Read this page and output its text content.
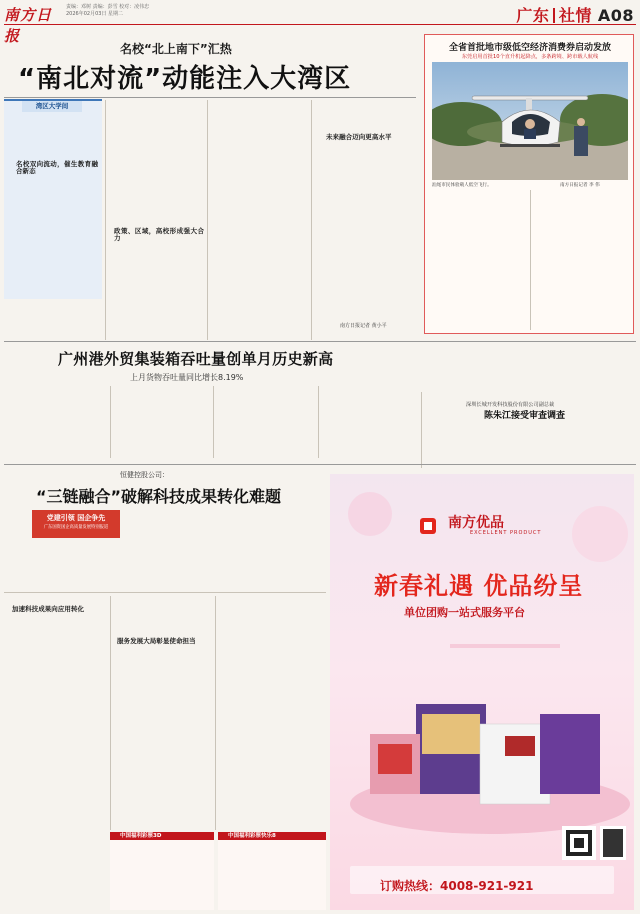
南方日报
责编：邓树 责编：彭雪 校对：凌伟忠
2026年02月03日 星期二	广东 社情 A08
名校“北上南下”汇热
“南北对流”动能注入大湾区
湾区大学间
名校双向流动，催生教育融合新态
政策、区域，高校形成强大合力
未来融合迈向更高水平
南方日报记者 黄小平
全省首批地市级低空经济消费券启动发放
东莞启用首批10个直升机起降点，多条跨境、跨市载人航线
汕尾市民体验载人低空飞行。	南方日报记者 李 伟
广州港外贸集装箱吞吐量创单月历史新高
上月货物吞吐量同比增长8.19%
深圳长城开发科技股份有限公司副总裁
陈朱江接受审查调查
恒健控股公司：
“三链融合”破解科技成果转化难题
党建引领 国企争先
广东国资国企高质量发展特别报道
加速科技成果向应用转化
服务发展大局彰显使命担当
中国福利彩票3D	中国福利彩票快乐8
南方优品
EXCELLENT PRODUCT
新春礼遇 优品纷呈
单位团购一站式服务平台
订购热线：4008-921-921
